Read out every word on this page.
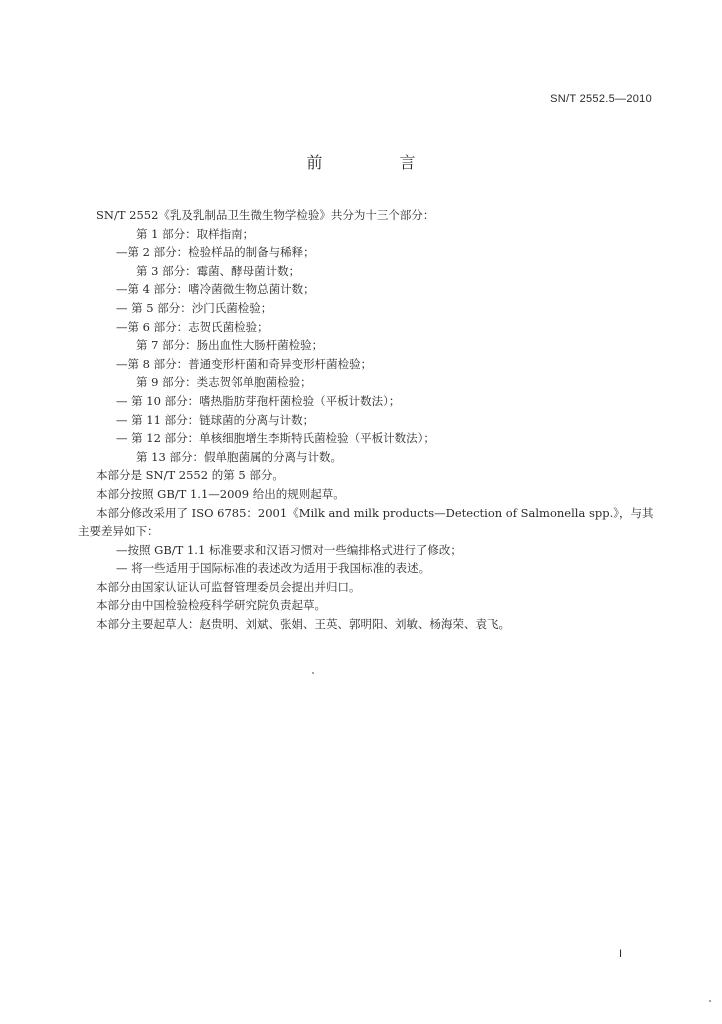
SN/T 2552.5—2010
前 言
SN/T 2552《乳及乳制品卫生微生物学检验》共分为十三个部分：
第 1 部分：取样指南；
—第 2 部分：检验样品的制备与稀释；
第 3 部分：霉菌、酵母菌计数；
—第 4 部分：嗜冷菌微生物总菌计数；
— 第 5 部分：沙门氏菌检验；
—第 6 部分：志贺氏菌检验；
第 7 部分：肠出血性大肠杆菌检验；
—第 8 部分：普通变形杆菌和奇异变形杆菌检验；
第 9 部分：类志贺邻单胞菌检验；
— 第 10 部分：嗜热脂肪芽孢杆菌检验（平板计数法）；
— 第 11 部分：链球菌的分离与计数；
— 第 12 部分：单核细胞增生李斯特氏菌检验（平板计数法）；
第 13 部分：假单胞菌属的分离与计数。
本部分是 SN/T 2552 的第 5 部分。
本部分按照 GB/T 1.1—2009 给出的规则起草。
本部分修改采用了 ISO 6785：2001《Milk and milk products—Detection of Salmonella spp.》，与其
主要差异如下：
—按照 GB/T 1.1 标准要求和汉语习惯对一些编排格式进行了修改；
— 将一些适用于国际标准的表述改为适用于我国标准的表述。
本部分由国家认证认可监督管理委员会提出并归口。
本部分由中国检验检疫科学研究院负责起草。
本部分主要起草人：赵贵明、刘斌、张娟、王英、郭明阳、刘敏、杨海荣、袁飞。
I
